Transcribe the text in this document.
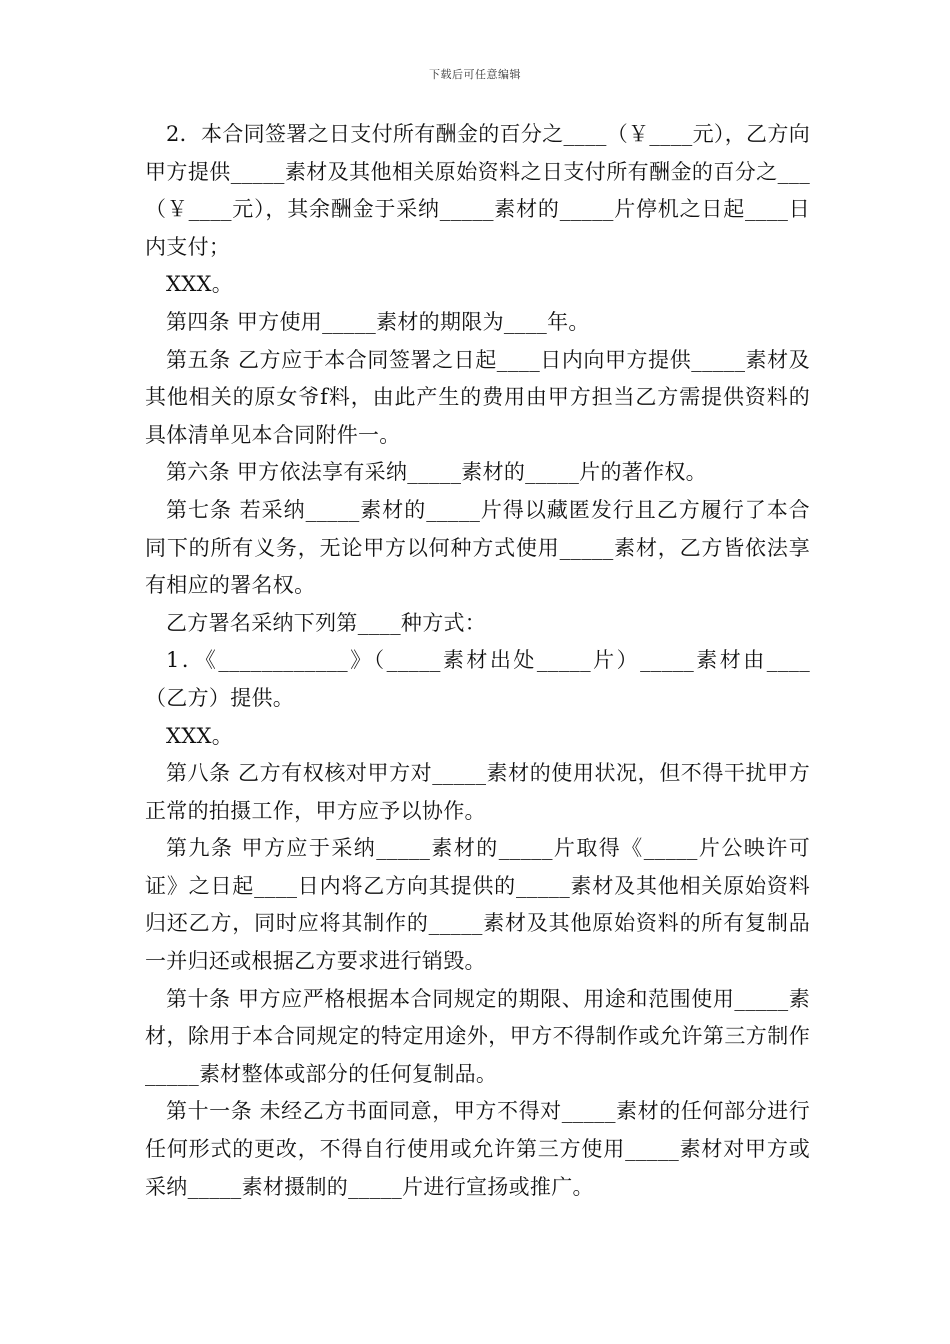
下载后可任意编辑

2．本合同签署之日支付所有酬金的百分之____（￥____元），乙方向甲方提供_____素材及其他相关原始资料之日支付所有酬金的百分之___（￥____元），其余酬金于采纳_____素材的_____片停机之日起____日内支付；

XXX。

第四条 甲方使用_____素材的期限为____年。

第五条 乙方应于本合同签署之日起____日内向甲方提供_____素材及其他相关的原女爷f料，由此产生的费用由甲方担当乙方需提供资料的具体清单见本合同附件一。

第六条 甲方依法享有采纳_____素材的_____片的著作权。

第七条 若采纳_____素材的_____片得以藏匿发行且乙方履行了本合同下的所有义务，无论甲方以何种方式使用_____素材，乙方皆依法享有相应的署名权。

乙方署名采纳下列第____种方式：

1．《____________》（_____素材出处_____片）_____素材由____（乙方）提供。

XXX。

第八条 乙方有权核对甲方对_____素材的使用状况，但不得干扰甲方正常的拍摄工作，甲方应予以协作。

第九条 甲方应于采纳_____素材的_____片取得《_____片公映许可证》之日起____日内将乙方向其提供的_____素材及其他相关原始资料归还乙方，同时应将其制作的_____素材及其他原始资料的所有复制品一并归还或根据乙方要求进行销毁。

第十条 甲方应严格根据本合同规定的期限、用途和范围使用_____素材，除用于本合同规定的特定用途外，甲方不得制作或允许第三方制作_____素材整体或部分的任何复制品。

第十一条 未经乙方书面同意，甲方不得对_____素材的任何部分进行任何形式的更改，不得自行使用或允许第三方使用_____素材对甲方或采纳_____素材摄制的_____片进行宣扬或推广。
